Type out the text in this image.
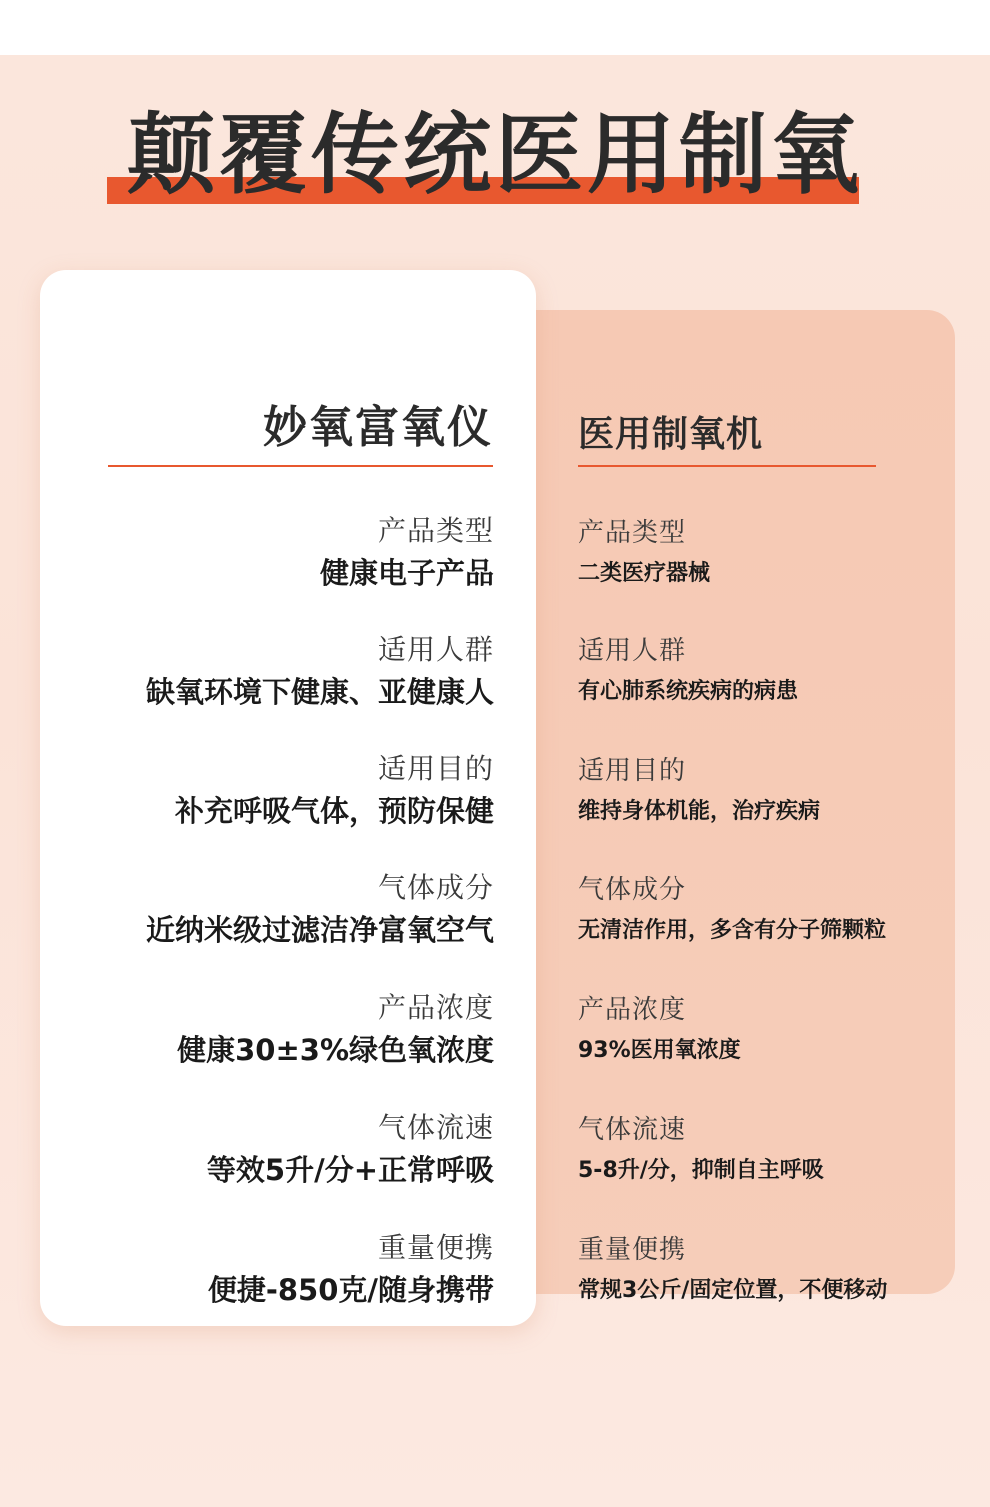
颠覆传统医用制氧
妙氧富氧仪 医用制氧机
产品类型
健康电子产品
适用人群
缺氧环境下健康、亚健康人
适用目的
补充呼吸气体，预防保健
气体成分
近纳米级过滤洁净富氧空气
产品浓度
健康30±3%绿色氧浓度
气体流速
等效5升/分+正常呼吸
重量便携
便捷-850克/随身携带
产品类型
二类医疗器械
适用人群
有心肺系统疾病的病患
适用目的
维持身体机能，治疗疾病
气体成分
无清洁作用，多含有分子筛颗粒
产品浓度
93%医用氧浓度
气体流速
5-8升/分，抑制自主呼吸
重量便携
常规3公斤/固定位置，不便移动
